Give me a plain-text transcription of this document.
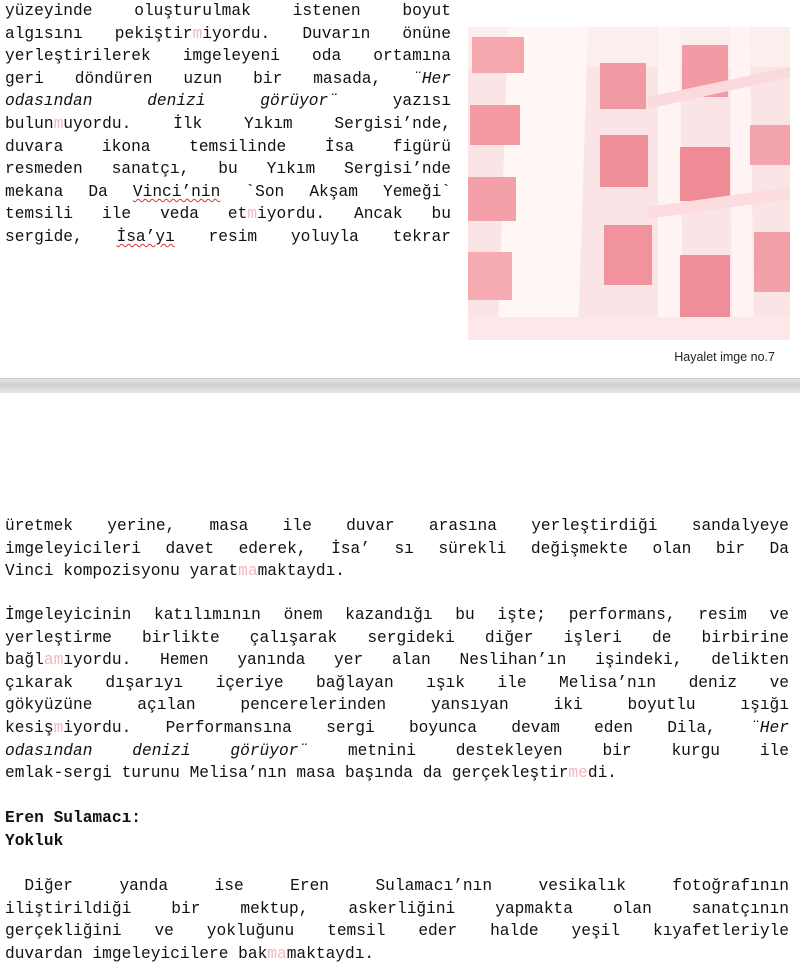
yüzeyinde	oluşturulmak	istenen	boyut
algısını pekiştirmiyordu. Duvarın önüne
yerleştirilerek imgeleyeni oda ortamına
geri döndüren uzun bir masada, ¨Her
odasından	denizi	görüyor¨	yazısı
bulunmuyordu.	İlk	Yıkım	Sergisi’nde,
duvara ikona temsilinde İsa figürü
resmeden sanatçı, bu Yıkım Sergisi’nde
mekana Da Vinci’nin `Son Akşam Yemeği`
temsili ile veda etmiyordu. Ancak bu
sergide, İsa’yı resim yoluyla tekrar
Hayalet imge no.7
üretmek yerine, masa ile duvar arasına yerleştirdiği sandalyeye
imgeleyicileri davet ederek, İsa’ sı sürekli değişmekte olan bir Da
Vinci kompozisyonu yaratmamaktaydı.
İmgeleyicinin katılımının önem kazandığı bu işte; performans, resim ve
yerleştirme birlikte çalışarak sergideki diğer işleri de birbirine
bağlamıyordu. Hemen yanında yer alan Neslihan’ın işindeki, delikten
çıkarak dışarıyı içeriye bağlayan ışık ile Melisa’nın deniz ve
gökyüzüne	açılan	pencerelerinden	yansıyan	iki	boyutlu	ışığı
kesişmiyordu. Performansına sergi boyunca devam eden Dila, ¨Her
odasından denizi görüyor¨ metnini destekleyen bir kurgu ile
emlak-sergi turunu Melisa’nın masa başında da gerçekleştirmedi.
Eren Sulamacı:
Yokluk
Diğer	yanda	ise	Eren	Sulamacı’nın	vesikalık	fotoğrafının
iliştirildiği bir mektup, askerliğini yapmakta olan sanatçının
gerçekliğini ve yokluğunu temsil eder halde yeşil kıyafetleriyle
duvardan imgeleyicilere bakmamaktaydı.
